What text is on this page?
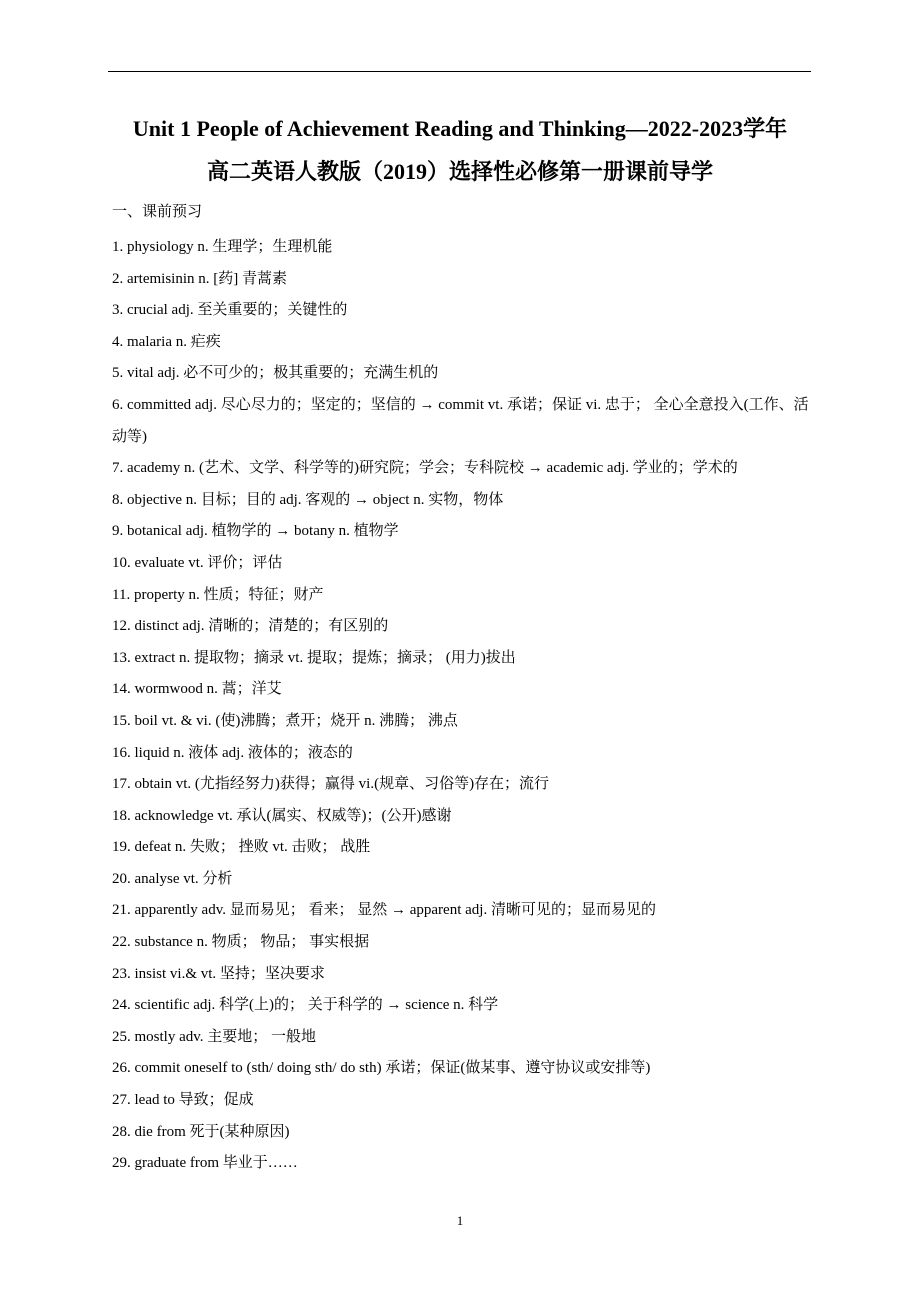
Unit 1 People of Achievement Reading and Thinking—2022-2023学年
高二英语人教版（2019）选择性必修第一册课前导学
一、课前预习
1. physiology n. 生理学；生理机能
2. artemisinin n. [药] 青蒿素
3. crucial adj. 至关重要的；关键性的
4. malaria n. 疟疾
5. vital adj. 必不可少的；极其重要的；充满生机的
6. committed adj. 尽心尽力的；坚定的；坚信的 → commit vt. 承诺；保证 vi. 忠于； 全心全意投入(工作、活动等)
7. academy n. (艺术、文学、科学等的)研究院；学会；专科院校 → academic adj. 学业的；学术的
8. objective n. 目标；目的 adj. 客观的 → object n. 实物，物体
9. botanical adj. 植物学的 → botany n. 植物学
10. evaluate vt. 评价；评估
11. property n. 性质；特征；财产
12. distinct adj. 清晰的；清楚的；有区别的
13. extract n. 提取物；摘录 vt. 提取；提炼；摘录； (用力)拔出
14. wormwood n. 蒿；洋艾
15. boil vt. & vi. (使)沸腾；煮开；烧开 n. 沸腾； 沸点
16. liquid n. 液体 adj. 液体的；液态的
17. obtain vt. (尤指经努力)获得；赢得 vi.(规章、习俗等)存在；流行
18. acknowledge vt. 承认(属实、权威等)；(公开)感谢
19. defeat n. 失败； 挫败 vt. 击败； 战胜
20. analyse vt. 分析
21. apparently adv. 显而易见； 看来； 显然 → apparent adj. 清晰可见的；显而易见的
22. substance n. 物质； 物品； 事实根据
23. insist vi.& vt. 坚持；坚决要求
24. scientific adj. 科学(上)的； 关于科学的 → science n. 科学
25. mostly adv. 主要地； 一般地
26. commit oneself to (sth/ doing sth/ do sth) 承诺；保证(做某事、遵守协议或安排等)
27. lead to 导致；促成
28. die from 死于(某种原因)
29. graduate from 毕业于……
1
